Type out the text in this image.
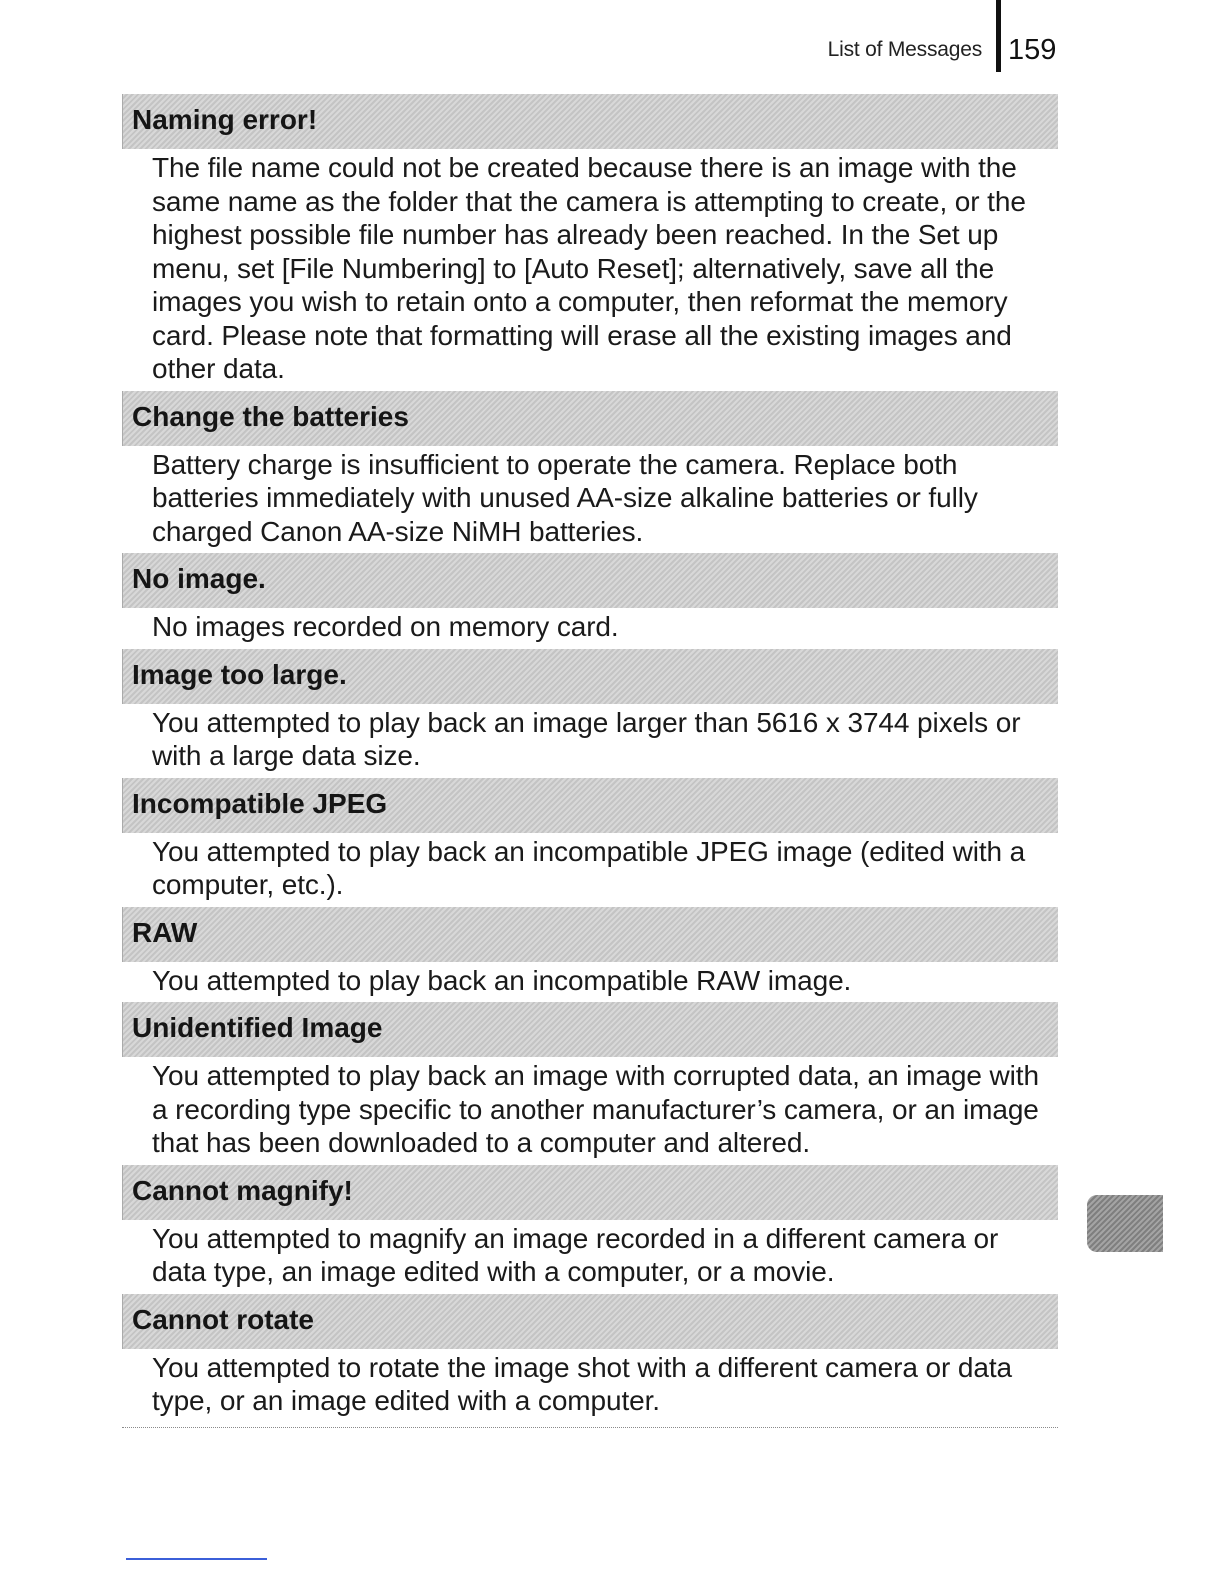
List of Messages 159
Naming error!
The file name could not be created because there is an image with the same name as the folder that the camera is attempting to create, or the highest possible file number has already been reached. In the Set up menu, set [File Numbering] to [Auto Reset]; alternatively, save all the images you wish to retain onto a computer, then reformat the memory card. Please note that formatting will erase all the existing images and other data.
Change the batteries
Battery charge is insufficient to operate the camera. Replace both batteries immediately with unused AA-size alkaline batteries or fully charged Canon AA-size NiMH batteries.
No image.
No images recorded on memory card.
Image too large.
You attempted to play back an image larger than 5616 x 3744 pixels or with a large data size.
Incompatible JPEG
You attempted to play back an incompatible JPEG image (edited with a computer, etc.).
RAW
You attempted to play back an incompatible RAW image.
Unidentified Image
You attempted to play back an image with corrupted data, an image with a recording type specific to another manufacturer’s camera, or an image that has been downloaded to a computer and altered.
Cannot magnify!
You attempted to magnify an image recorded in a different camera or data type, an image edited with a computer, or a movie.
Cannot rotate
You attempted to rotate the image shot with a different camera or data type, or an image edited with a computer.
